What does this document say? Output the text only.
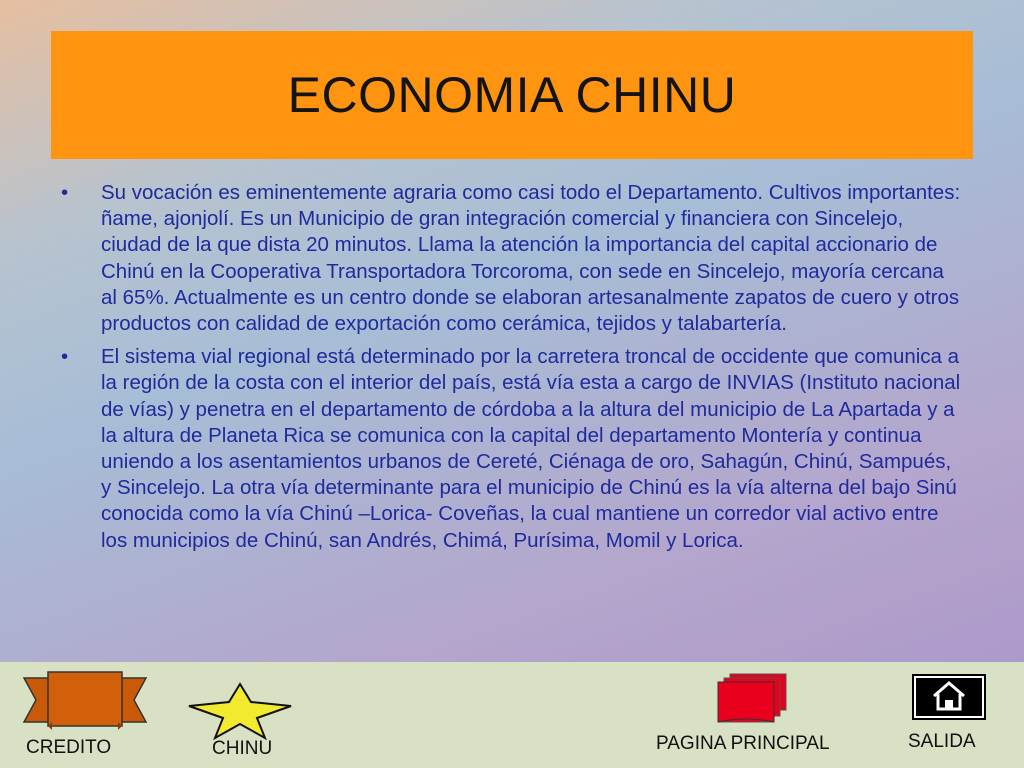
ECONOMIA CHINU
• Su vocación es eminentemente agraria como casi todo el Departamento. Cultivos importantes: ñame, ajonjolí. Es un Municipio de gran integración comercial y financiera con Sincelejo, ciudad de la que dista 20 minutos. Llama la atención la importancia del capital accionario de Chinú en la Cooperativa Transportadora Torcoroma, con sede en Sincelejo, mayoría cercana al 65%. Actualmente es un centro donde se elaboran artesanalmente zapatos de cuero y otros productos con calidad de exportación como cerámica, tejidos y talabartería.
• El sistema vial regional está determinado por la carretera troncal de occidente que comunica a la región de la costa con el interior del país, está vía esta a cargo de INVIAS (Instituto nacional de vías) y penetra en el departamento de córdoba a la altura del municipio de La Apartada y a la altura de Planeta Rica se comunica con la capital del departamento Montería y continua uniendo a los asentamientos urbanos de Cereté, Ciénaga de oro, Sahagún, Chinú, Sampués, y Sincelejo. La otra vía determinante para el municipio de Chinú es la vía alterna del bajo Sinú conocida como la vía Chinú –Lorica- Coveñas, la cual mantiene un corredor vial activo entre los municipios de Chinú, san Andrés, Chimá, Purísima, Momil y Lorica.
CREDITO	CHINU	PAGINA PRINCIPAL	SALIDA
